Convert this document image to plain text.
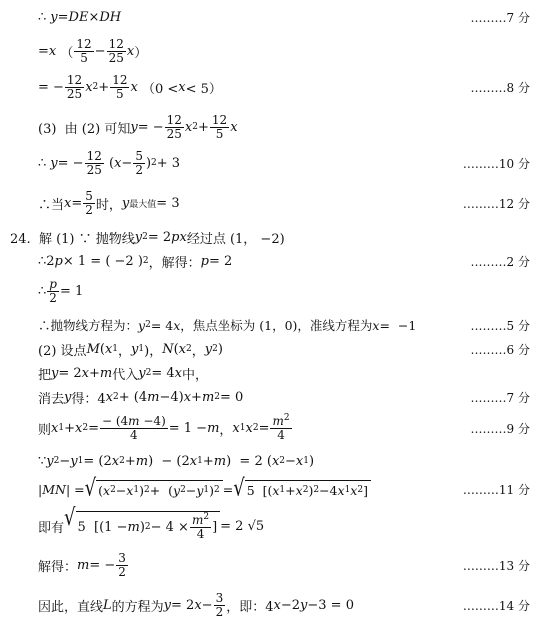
∴ y = DE × DH	………7 分
= x （ $\frac{12}{5} - \frac{12}{25}$ x ）
= − $\frac{12}{25}$ x $2 + \frac{12}{5}$ x （0 < x < 5）	………8 分
(3)  由 (2) 可知 y = − $\frac{12}{25}$ x $2 + \frac{12}{5}$ x
∴ y = − $\frac{12}{25}$ ( $x - \frac{5}{2}$ ) 2 + 3	………10 分
∴当 $x = \frac{5}{2}$ 时， y 最大值 = 3	………12 分
24.  解 (1) ∵ 抛物线 y 2 = 2 px 经过点 (1， −2)
∴2 p × 1 = ( −2 ) 2 ，解得： p = 2	………2 分
∴ $\frac{p}{2} = 1$
∴抛物线方程为： y 2 = 4 x ，焦点坐标为 (1，0)，准线方程为 x =  −1	………5 分
(2) 设点 M ( x 1 ， y 1 )， N ( x 2 ， y 2 )	………6 分
把 y = 2 x + m 代入 y 2 = 4 x 中，
消去 y 得：4 x 2 + (4 m −4) x + m 2 = 0	………7 分
则 x 1 + x $2 = \frac{- (4m -4)}{4} = 1 - m$ ， x 1 x $2 = \frac{m^2}{4}$	………9 分
∵ y 2 − y 1 = (2 x 2 + m )  − (2 x 1 + m )  = 2 ( x 2 − x 1 )
| MN | = √ ( x 2 − x 1 ) 2 +  ( y 2 − y 1 ) 2 = √ 5  [( x 1 + x 2 ) 2 −4 x 1 x 2 ]	………11 分
即有 √ 5  [(1 − m ) $2 - 4 \times \frac{m^2}{4}$ ] = 2 √5
解得： m = − $\frac{3}{2}$	………13 分
因此，直线 L 的方程为 y = 2 $x - \frac{3}{2}$ ，即：4 x −2 y −3 = 0	………14 分
